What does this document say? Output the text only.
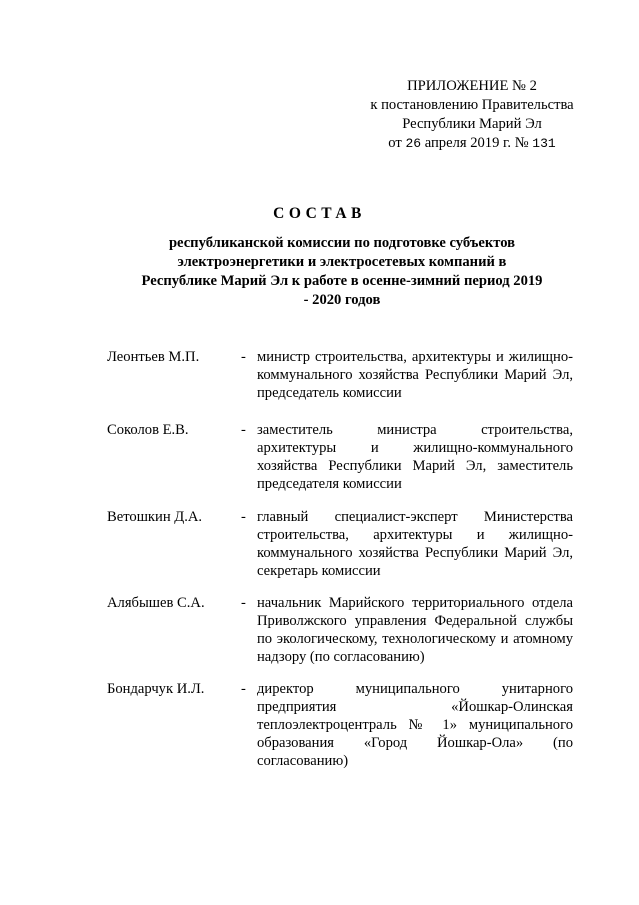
ПРИЛОЖЕНИЕ № 2
к постановлению Правительства
Республики Марий Эл
от 26 апреля 2019 г. № 131
СОСТАВ
республиканской комиссии по подготовке субъектов электроэнергетики и электросетевых компаний в Республике Марий Эл к работе в осенне-зимний период 2019 - 2020 годов
Леонтьев М.П.	- министр строительства, архитектуры и жилищно-коммунального хозяйства Республики Марий Эл, председатель комиссии
Соколов Е.В.	- заместитель министра строительства, архитектуры и жилищно-коммунального хозяйства Республики Марий Эл, заместитель председателя комиссии
Ветошкин Д.А.	- главный специалист-эксперт Министерства строительства, архитектуры и жилищно-коммунального хозяйства Республики Марий Эл, секретарь комиссии
Алябышев С.А. - начальник Марийского территориального отдела Приволжского управления Федеральной службы по экологическому, технологическому и атомному надзору (по согласованию)
Бондарчук И.Л.	- директор муниципального унитарного предприятия «Йошкар-Олинская теплоэлектроцентраль № 1» муниципального образования «Город Йошкар-Ола» (по согласованию)
